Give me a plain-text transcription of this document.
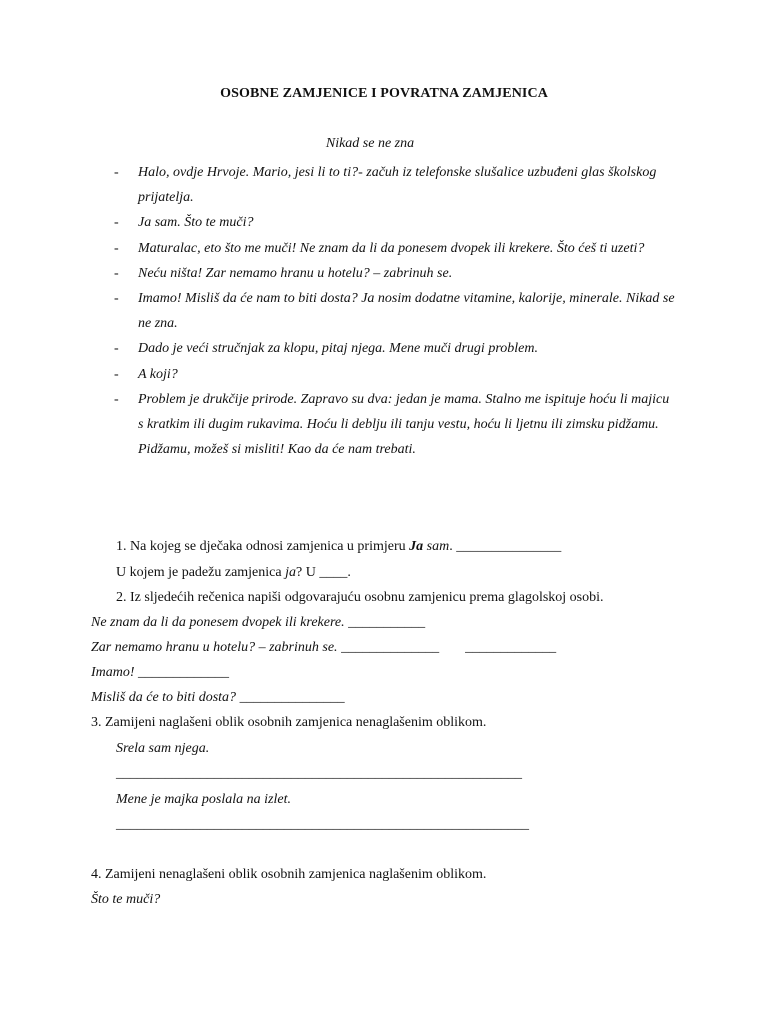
OSOBNE ZAMJENICE I POVRATNA ZAMJENICA
Nikad se ne zna
-	Halo, ovdje Hrvoje. Mario, jesi li to ti?- začuh iz telefonske slušalice uzbuđeni glas školskog prijatelja.
-	Ja sam. Što te muči?
-	Maturalac, eto što me muči! Ne znam da li da ponesem dvopek ili krekere. Što ćeš ti uzeti?
-	Neću ništa! Zar nemamo hranu u hotelu? – zabrinuh se.
-	Imamo! Misliš da će nam to biti dosta? Ja nosim dodatne vitamine, kalorije, minerale. Nikad se ne zna.
-	Dado je veći stručnjak za klopu, pitaj njega. Mene muči drugi problem.
-	A koji?
-	Problem je drukčije prirode. Zapravo su dva: jedan je mama. Stalno me ispituje hoću li majicu s kratkim ili dugim rukavima. Hoću li deblju ili tanju vestu, hoću li ljetnu ili zimsku pidžamu. Pidžamu, možeš si misliti! Kao da će nam trebati.
1. Na kojeg se dječaka odnosi zamjenica u primjeru Ja sam. _______________
U kojem je padežu zamjenica ja? U ____.
2. Iz sljedećih rečenica napiši odgovarajuću osobnu zamjenicu prema glagolskoj osobi.
Ne znam da li da ponesem dvopek ili krekere. ___________
Zar nemamo hranu u hotelu? – zabrinuh se. ______________ _____________
Imamo! _____________
Misliš da će to biti dosta? _______________
3. Zamijeni naglašeni oblik osobnih zamjenica nenaglašenim oblikom.
Srela sam njega.
__________________________________________________________
Mene je majka poslala na izlet.
___________________________________________________________
4. Zamijeni nenaglašeni oblik osobnih zamjenica naglašenim oblikom.
Što te muči?
